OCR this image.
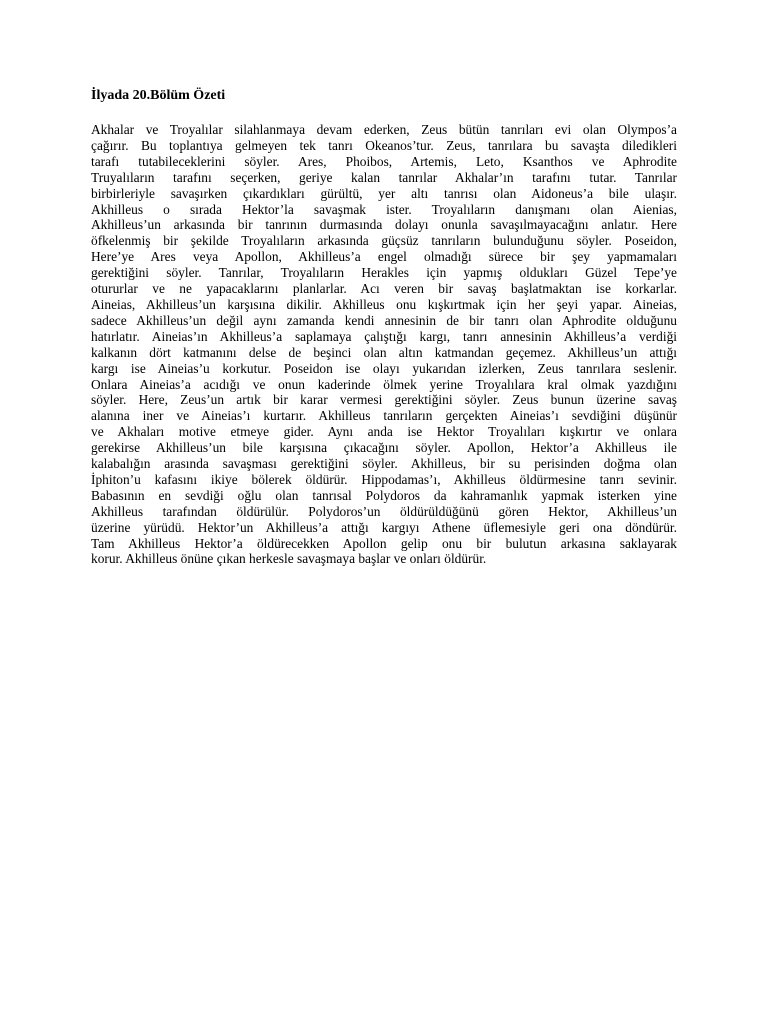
İlyada 20.Bölüm Özeti
Akhalar ve Troyalılar silahlanmaya devam ederken, Zeus bütün tanrıları evi olan Olympos’a
çağırır. Bu toplantıya gelmeyen tek tanrı Okeanos’tur. Zeus, tanrılara bu savaşta diledikleri
tarafı tutabileceklerini söyler. Ares, Phoibos, Artemis, Leto, Ksanthos ve Aphrodite
Truyalıların tarafını seçerken, geriye kalan tanrılar Akhalar’ın tarafını tutar. Tanrılar
birbirleriyle savaşırken çıkardıkları gürültü, yer altı tanrısı olan Aidoneus’a bile ulaşır.
Akhilleus o sırada Hektor’la savaşmak ister. Troyalıların danışmanı olan Aienias,
Akhilleus’un arkasında bir tanrının durmasında dolayı onunla savaşılmayacağını anlatır. Here
öfkelenmiş bir şekilde Troyalıların arkasında güçsüz tanrıların bulunduğunu söyler. Poseidon,
Here’ye Ares veya Apollon, Akhilleus’a engel olmadığı sürece bir şey yapmamaları
gerektiğini söyler. Tanrılar, Troyalıların Herakles için yapmış oldukları Güzel Tepe’ye
otururlar ve ne yapacaklarını planlarlar. Acı veren bir savaş başlatmaktan ise korkarlar.
Aineias, Akhilleus’un karşısına dikilir. Akhilleus onu kışkırtmak için her şeyi yapar. Aineias,
sadece Akhilleus’un değil aynı zamanda kendi annesinin de bir tanrı olan Aphrodite olduğunu
hatırlatır. Aineias’ın Akhilleus’a saplamaya çalıştığı kargı, tanrı annesinin Akhilleus’a verdiği
kalkanın dört katmanını delse de beşinci olan altın katmandan geçemez. Akhilleus’un attığı
kargı ise Aineias’u korkutur. Poseidon ise olayı yukarıdan izlerken, Zeus tanrılara seslenir.
Onlara Aineias’a acıdığı ve onun kaderinde ölmek yerine Troyalılara kral olmak yazdığını
söyler. Here, Zeus’un artık bir karar vermesi gerektiğini söyler. Zeus bunun üzerine savaş
alanına iner ve Aineias’ı kurtarır. Akhilleus tanrıların gerçekten Aineias’ı sevdiğini düşünür
ve Akhaları motive etmeye gider. Aynı anda ise Hektor Troyalıları kışkırtır ve onlara
gerekirse Akhilleus’un bile karşısına çıkacağını söyler. Apollon, Hektor’a Akhilleus ile
kalabalığın arasında savaşması gerektiğini söyler. Akhilleus, bir su perisinden doğma olan
İphiton’u kafasını ikiye bölerek öldürür. Hippodamas’ı, Akhilleus öldürmesine tanrı sevinir.
Babasının en sevdiği oğlu olan tanrısal Polydoros da kahramanlık yapmak isterken yine
Akhilleus tarafından öldürülür. Polydoros’un öldürüldüğünü gören Hektor, Akhilleus’un
üzerine yürüdü. Hektor’un Akhilleus’a attığı kargıyı Athene üflemesiyle geri ona döndürür.
Tam Akhilleus Hektor’a öldürecekken Apollon gelip onu bir bulutun arkasına saklayarak
korur. Akhilleus önüne çıkan herkesle savaşmaya başlar ve onları öldürür.
